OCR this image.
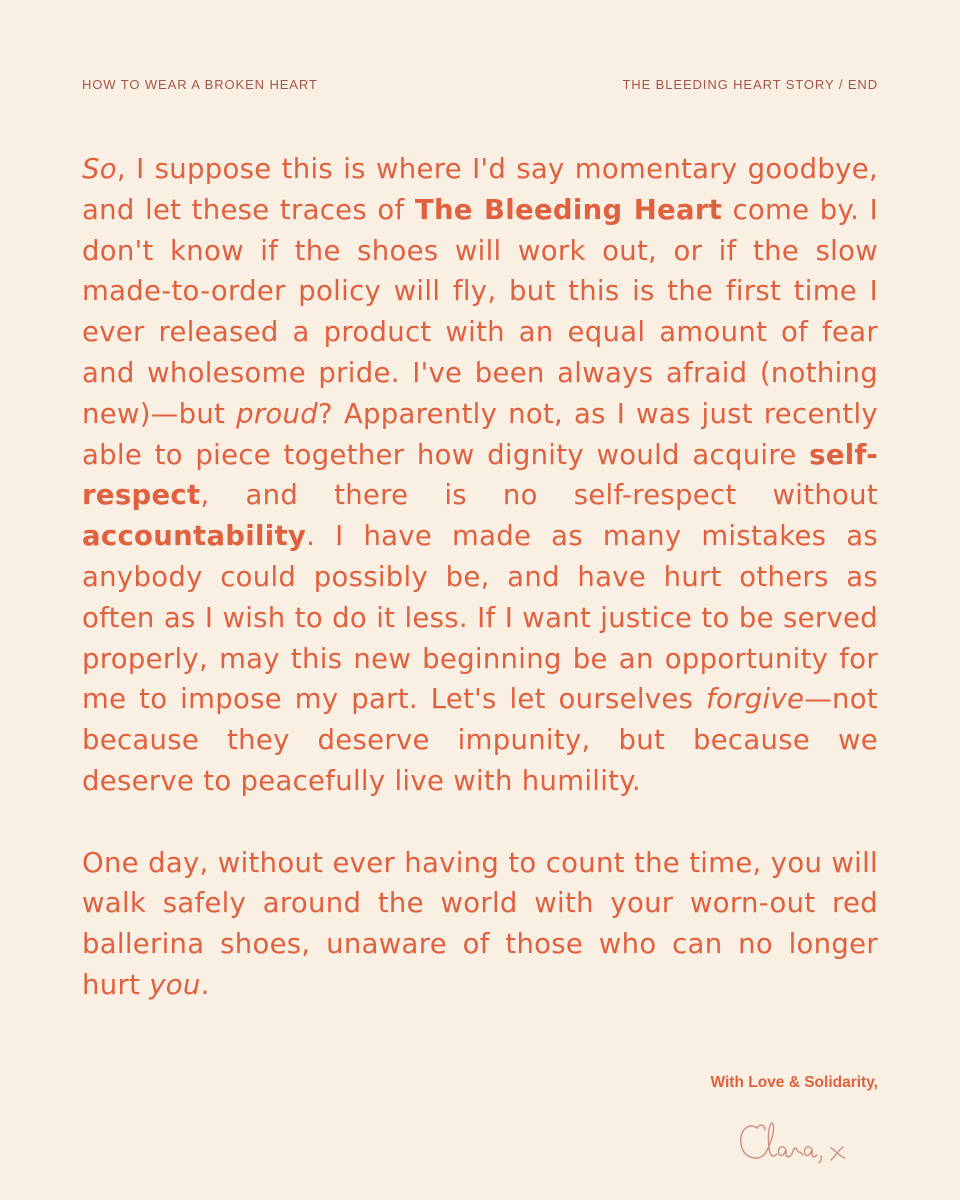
HOW TO WEAR A BROKEN HEART	THE BLEEDING HEART STORY / END

So, I suppose this is where I'd say momentary goodbye, and let these traces of The Bleeding Heart come by. I don't know if the shoes will work out, or if the slow made-to-order policy will fly, but this is the first time I ever released a product with an equal amount of fear and wholesome pride. I've been always afraid (nothing new)—but proud? Apparently not, as I was just recently able to piece together how dignity would acquire self-respect, and there is no self-respect without accountability. I have made as many mistakes as anybody could possibly be, and have hurt others as often as I wish to do it less. If I want justice to be served properly, may this new beginning be an opportunity for me to impose my part. Let's let ourselves forgive—not because they deserve impunity, but because we deserve to peacefully live with humility.

One day, without ever having to count the time, you will walk safely around the world with your worn-out red ballerina shoes, unaware of those who can no longer hurt you.

With Love & Solidarity,
